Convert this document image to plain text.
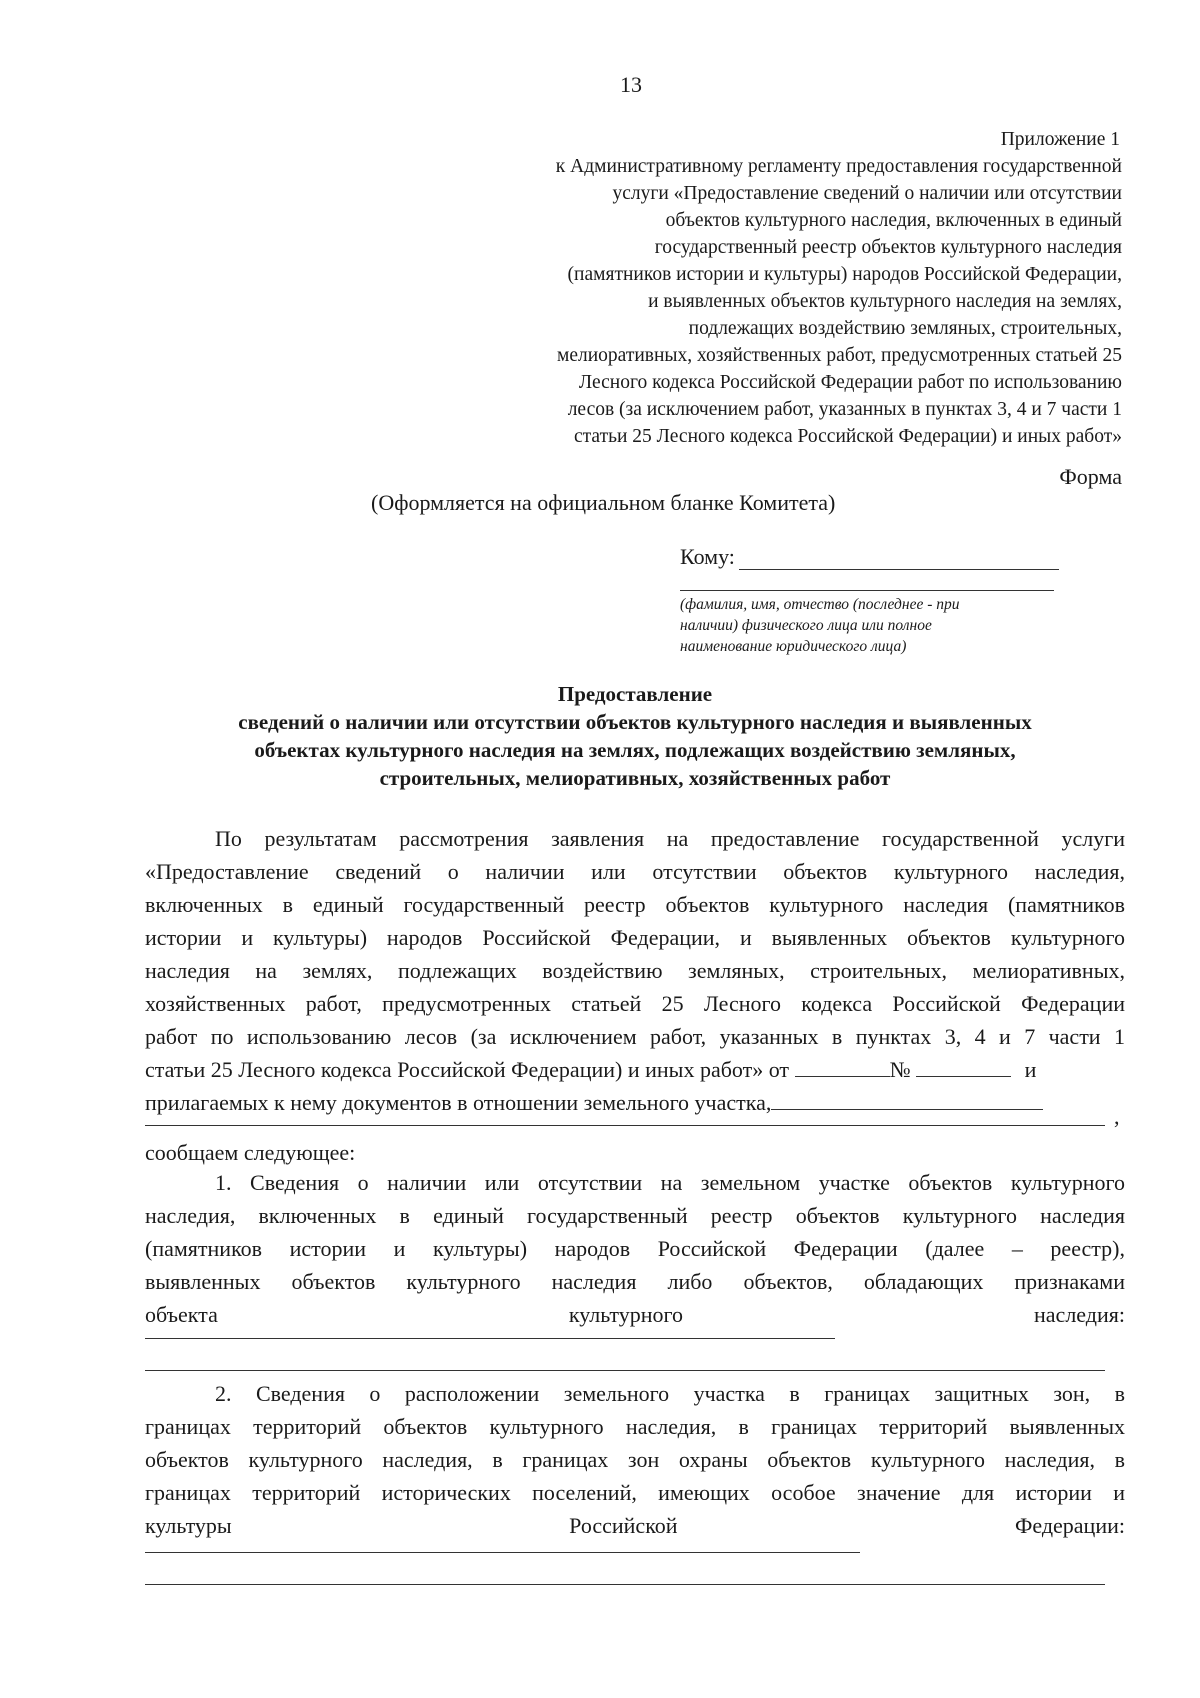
13
Приложение 1
к Административному регламенту предоставления государственной
услуги «Предоставление сведений о наличии или отсутствии
объектов культурного наследия, включенных в единый
государственный реестр объектов культурного наследия
(памятников истории и культуры) народов Российской Федерации,
и выявленных объектов культурного наследия на землях,
подлежащих воздействию земляных, строительных,
мелиоративных, хозяйственных работ, предусмотренных статьей 25
Лесного кодекса Российской Федерации работ по использованию
лесов (за исключением работ, указанных в пунктах 3, 4 и 7 части 1
статьи 25 Лесного кодекса Российской Федерации) и иных работ»
Форма
(Оформляется на официальном бланке Комитета)
Кому:
(фамилия, имя, отчество (последнее - при
наличии) физического лица или полное
наименование юридического лица)
Предоставление
сведений о наличии или отсутствии объектов культурного наследия и выявленных
объектах культурного наследия на землях, подлежащих воздействию земляных,
строительных, мелиоративных, хозяйственных работ
По результатам рассмотрения заявления на предоставление государственной услуги
«Предоставление сведений о наличии или отсутствии объектов культурного наследия,
включенных в единый государственный реестр объектов культурного наследия (памятников
истории и культуры) народов Российской Федерации, и выявленных объектов культурного
наследия на землях, подлежащих воздействию земляных, строительных, мелиоративных,
хозяйственных работ, предусмотренных статьей 25 Лесного кодекса Российской Федерации
работ по использованию лесов (за исключением работ, указанных в пунктах 3, 4 и 7 части 1
статьи 25 Лесного кодекса Российской Федерации) и иных работ» от	№	и
прилагаемых к нему документов в отношении земельного участка,
,
сообщаем следующее:
1. Сведения о наличии или отсутствии на земельном участке объектов культурного
наследия, включенных в единый государственный реестр объектов культурного наследия
(памятников истории и культуры) народов Российской Федерации (далее – реестр),
выявленных объектов культурного наследия либо объектов, обладающих признаками
объекта	культурного	наследия:
2. Сведения о расположении земельного участка в границах защитных зон, в
границах территорий объектов культурного наследия, в границах территорий выявленных
объектов культурного наследия, в границах зон охраны объектов культурного наследия, в
границах территорий исторических поселений, имеющих особое значение для истории и
культуры	Российской	Федерации:
